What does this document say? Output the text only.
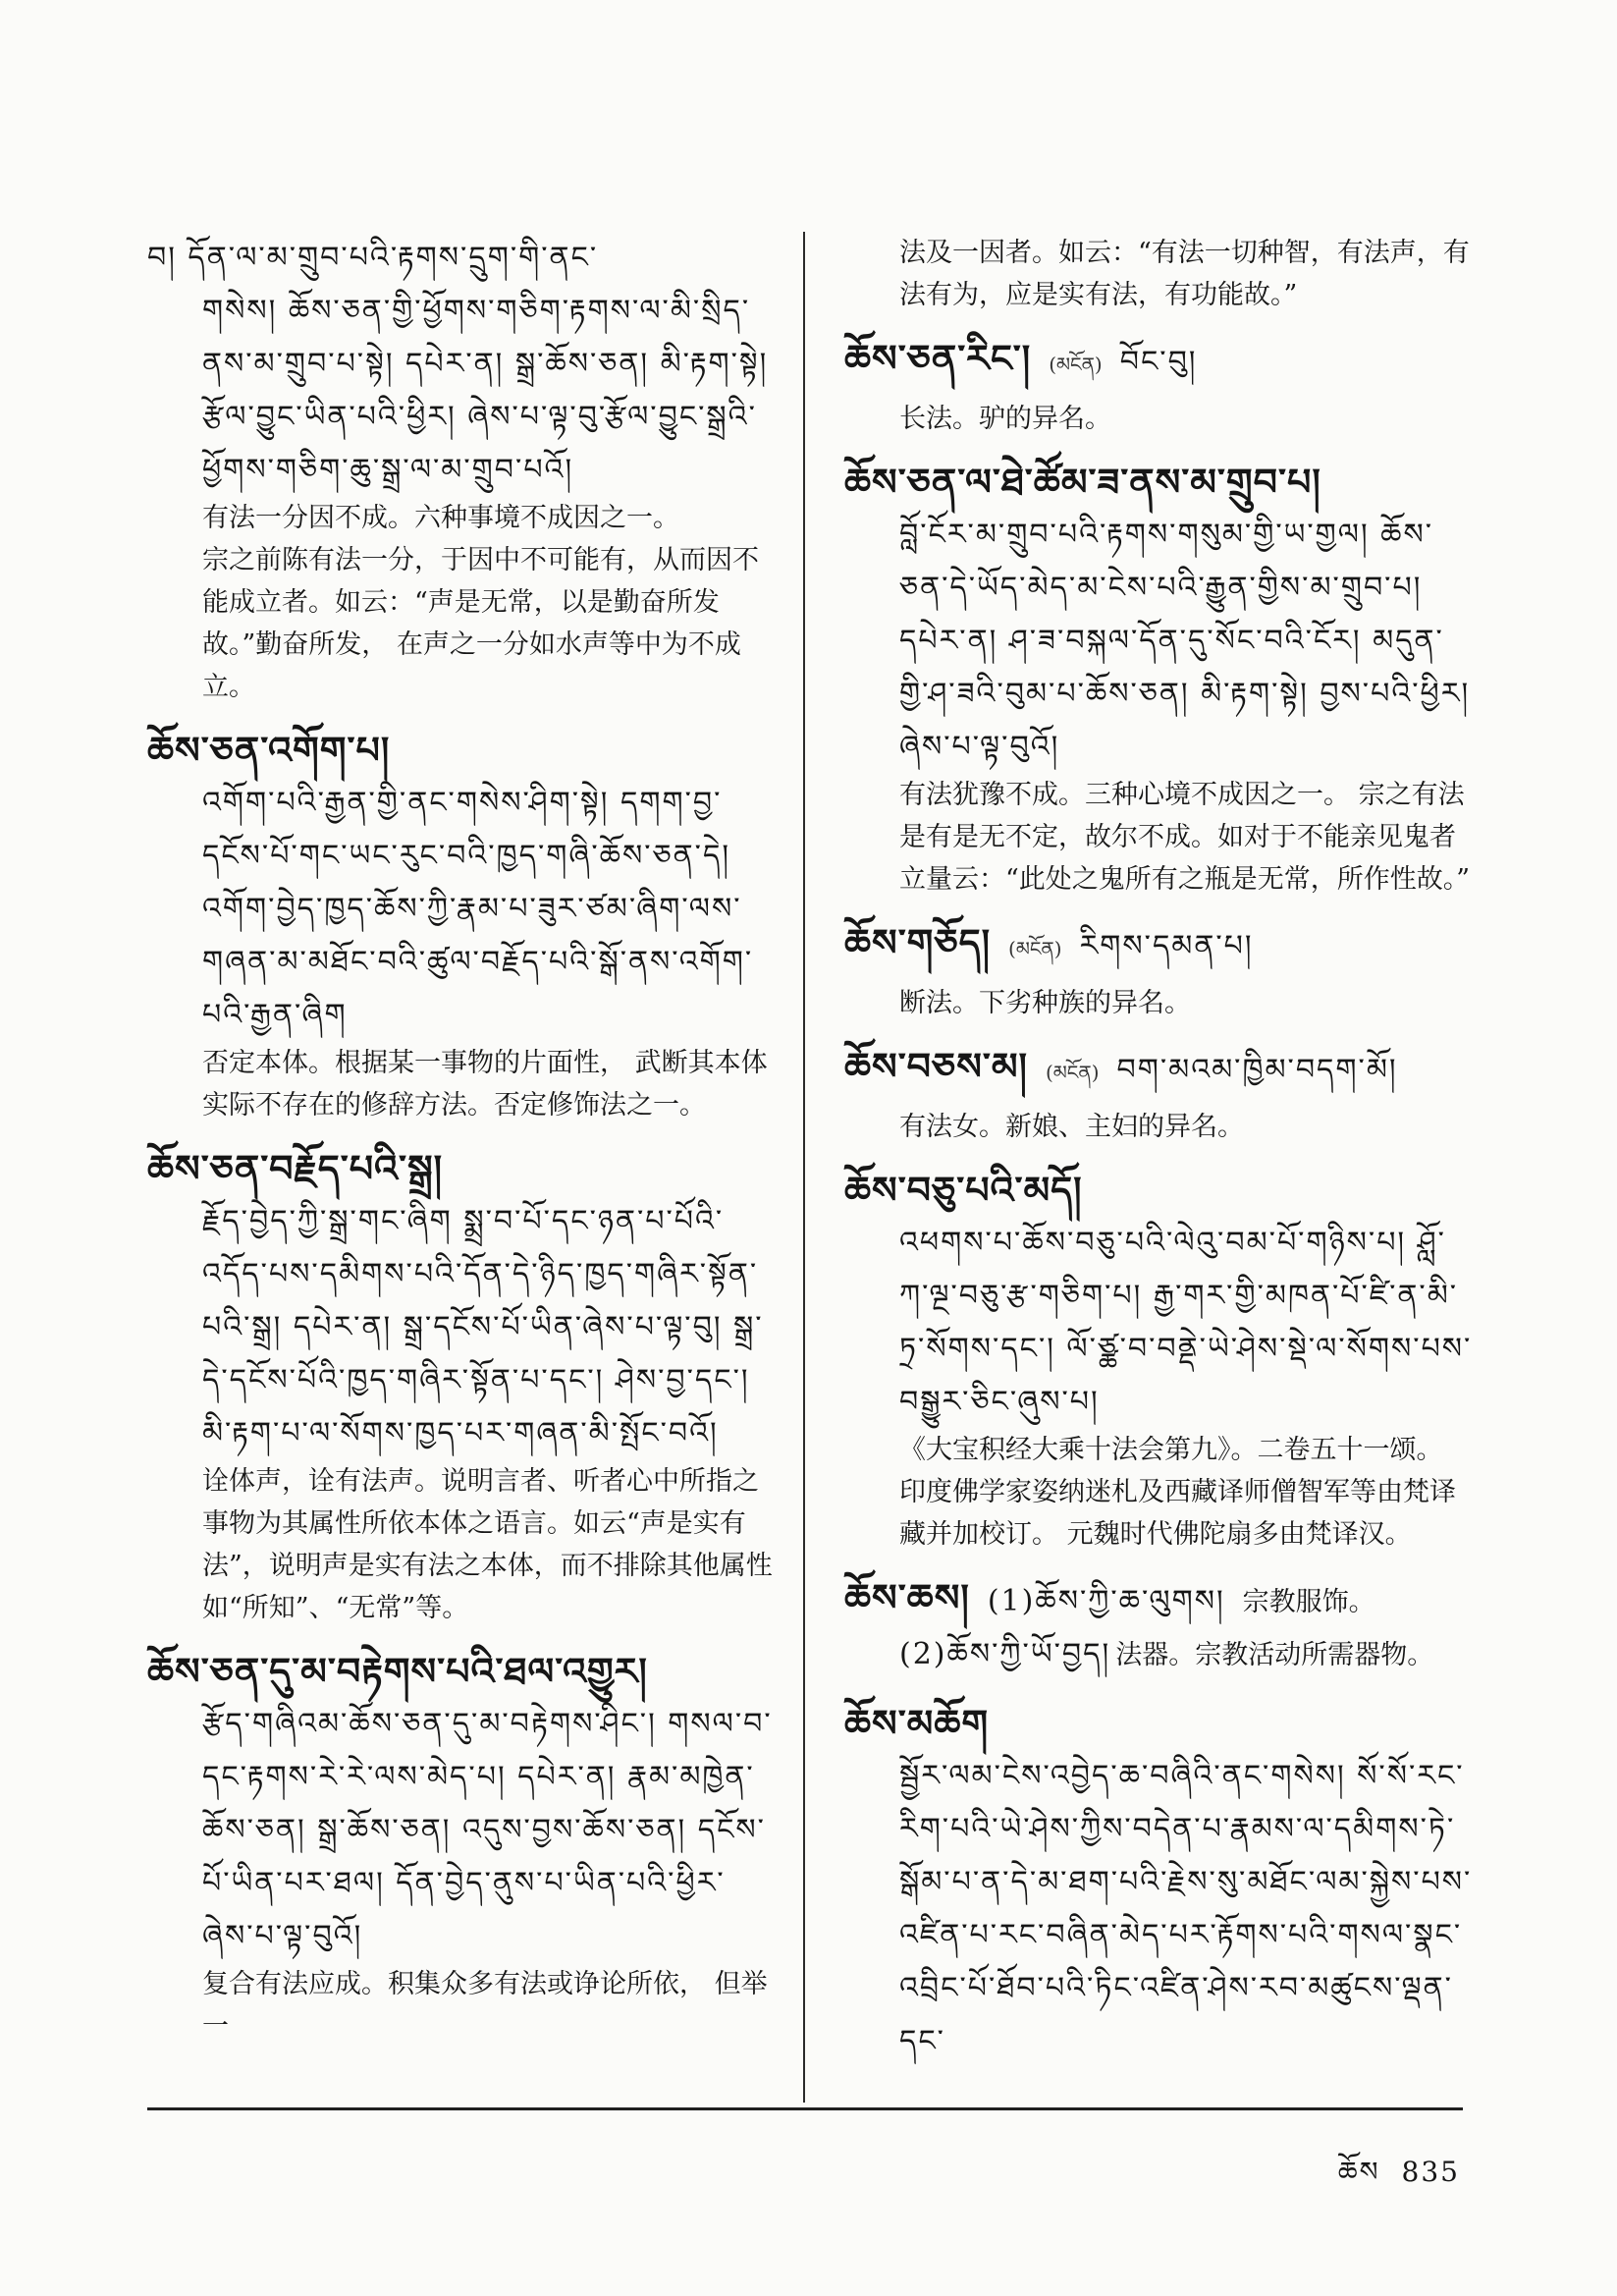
བ། དོན་ལ་མ་གྲུབ་པའི་རྟགས་དྲུག་གི་ནང་
གསེས། ཆོས་ཅན་གྱི་ཕྱོགས་གཅིག་རྟགས་ལ་མི་སྲིད་ནས་མ་གྲུབ་པ་སྟེ། དཔེར་ན། སྒྲ་ཆོས་ཅན། མི་རྟག་སྟེ། རྩོལ་བྱུང་ཡིན་པའི་ཕྱིར། ཞེས་པ་ལྟ་བུ་རྩོལ་བྱུང་སྒྲའི་ཕྱོགས་གཅིག་ཆུ་སྒྲ་ལ་མ་གྲུབ་པའོ།
有法一分因不成。六种事境不成因之一。
宗之前陈有法一分，于因中不可能有，从而因不能成立者。如云：“声是无常，以是勤奋所发故。”勤奋所发， 在声之一分如水声等中为不成立。
ཆོས་ཅན་འགོག་པ།
འགོག་པའི་རྒྱན་གྱི་ནང་གསེས་ཤིག་སྟེ། དགག་བྱ་དངོས་པོ་གང་ཡང་རུང་བའི་ཁྱད་གཞི་ཆོས་ཅན་དེ། འགོག་བྱེད་ཁྱད་ཆོས་ཀྱི་རྣམ་པ་ཟུར་ཙམ་ཞིག་ལས་གཞན་མ་མཐོང་བའི་ཚུལ་བརྗོད་པའི་སྒོ་ནས་འགོག་པའི་རྒྱན་ཞིག
否定本体。根据某一事物的片面性， 武断其本体实际不存在的修辞方法。否定修饰法之一。
ཆོས་ཅན་བརྗོད་པའི་སྒྲ།
རྗོད་བྱེད་ཀྱི་སྒྲ་གང་ཞིག སྨྲ་བ་པོ་དང་ཉན་པ་པོའི་འདོད་པས་དམིགས་པའི་དོན་དེ་ཉིད་ཁྱད་གཞིར་སྟོན་པའི་སྒྲ། དཔེར་ན། སྒྲ་དངོས་པོ་ཡིན་ཞེས་པ་ལྟ་བུ། སྒྲ་དེ་དངོས་པོའི་ཁྱད་གཞིར་སྟོན་པ་དང་། ཤེས་བྱ་དང་། མི་རྟག་པ་ལ་སོགས་ཁྱད་པར་གཞན་མི་སྤོང་བའོ།
诠体声，诠有法声。说明言者、听者心中所指之事物为其属性所依本体之语言。如云“声是实有法”，说明声是实有法之本体，而不排除其他属性如“所知”、“无常”等。
ཆོས་ཅན་དུ་མ་བརྟེགས་པའི་ཐལ་འགྱུར།
རྩོད་གཞིའམ་ཆོས་ཅན་དུ་མ་བརྟེགས་ཤིང་། གསལ་བ་དང་རྟགས་རེ་རེ་ལས་མེད་པ། དཔེར་ན། རྣམ་མཁྱེན་ཆོས་ཅན། སྒྲ་ཆོས་ཅན། འདུས་བྱས་ཆོས་ཅན། དངོས་པོ་ཡིན་པར་ཐལ། དོན་བྱེད་ནུས་པ་ཡིན་པའི་ཕྱིར་ཞེས་པ་ལྟ་བུའོ།
复合有法应成。积集众多有法或诤论所依， 但举一
法及一因者。如云：“有法一切种智，有法声，有法有为，应是实有法，有功能故。”
ཆོས་ཅན་རིང་། (མངོན) བོང་བུ།
长法。驴的异名。
ཆོས་ཅན་ལ་ཐེ་ཚོམ་ཟ་ནས་མ་གྲུབ་པ།
བློ་ངོར་མ་གྲུབ་པའི་རྟགས་གསུམ་གྱི་ཡ་གྱལ། ཆོས་ཅན་དེ་ཡོད་མེད་མ་ངེས་པའི་རྒྱུན་གྱིས་མ་གྲུབ་པ། དཔེར་ན། ཤ་ཟ་བསྐལ་དོན་དུ་སོང་བའི་ངོར། མདུན་གྱི་ཤ་ཟའི་བུམ་པ་ཆོས་ཅན། མི་རྟག་སྟེ། བྱས་པའི་ཕྱིར། ཞེས་པ་ལྟ་བུའོ།
有法犹豫不成。三种心境不成因之一。 宗之有法是有是无不定，故尔不成。如对于不能亲见鬼者立量云：“此处之鬼所有之瓶是无常，所作性故。”
ཆོས་གཅོད། (མངོན) རིགས་དམན་པ།
断法。下劣种族的异名。
ཆོས་བཅས་མ། (མངོན) བག་མའམ་ཁྱིམ་བདག་མོ།
有法女。新娘、主妇的异名。
ཆོས་བཅུ་པའི་མདོ།
འཕགས་པ་ཆོས་བཅུ་པའི་ལེའུ་བམ་པོ་གཉིས་པ། ཤློ་ཀ་ལྔ་བཅུ་རྩ་གཅིག་པ། རྒྱ་གར་གྱི་མཁན་པོ་ཛི་ན་མི་ཏྲ་སོགས་དང་། ལོ་ཙྪ་བ་བནྡེ་ཡེ་ཤེས་སྡེ་ལ་སོགས་པས་བསྒྱུར་ཅིང་ཞུས་པ།
《大宝积经大乘十法会第九》。二卷五十一颂。 印度佛学家姿纳迷札及西藏译师僧智军等由梵译藏并加校订。 元魏时代佛陀扇多由梵译汉。
ཆོས་ཆས། (1)ཆོས་ཀྱི་ཆ་ལུགས། 宗教服饰。
(2)ཆོས་ཀྱི་ཡོ་བྱད། 法器。宗教活动所需器物。
ཆོས་མཆོག
སྦྱོར་ལམ་ངེས་འབྱེད་ཆ་བཞིའི་ནང་གསེས། སོ་སོ་རང་རིག་པའི་ཡེ་ཤེས་ཀྱིས་བདེན་པ་རྣམས་ལ་དམིགས་ཏེ་སྒོམ་པ་ན་དེ་མ་ཐག་པའི་རྗེས་སུ་མཐོང་ལམ་སྐྱེས་པས་འཛིན་པ་རང་བཞིན་མེད་པར་རྟོགས་པའི་གསལ་སྣང་འབྲིང་པོ་ཐོབ་པའི་ཏིང་འཛིན་ཤེས་རབ་མཚུངས་ལྡན་དང་
ཆོས 835
